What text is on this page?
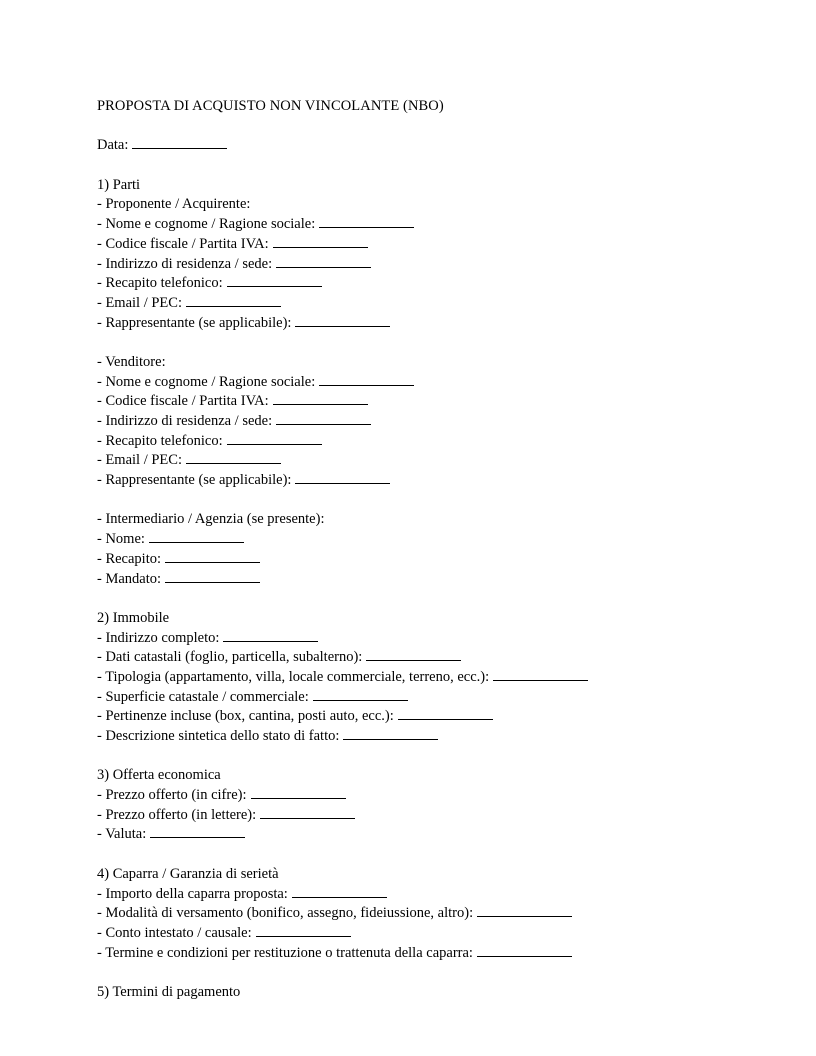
PROPOSTA DI ACQUISTO NON VINCOLANTE (NBO)

Data:

1) Parti
- Proponente / Acquirente:
- Nome e cognome / Ragione sociale:
- Codice fiscale / Partita IVA:
- Indirizzo di residenza / sede:
- Recapito telefonico:
- Email / PEC:
- Rappresentante (se applicabile):

- Venditore:
- Nome e cognome / Ragione sociale:
- Codice fiscale / Partita IVA:
- Indirizzo di residenza / sede:
- Recapito telefonico:
- Email / PEC:
- Rappresentante (se applicabile):

- Intermediario / Agenzia (se presente):
- Nome:
- Recapito:
- Mandato:

2) Immobile
- Indirizzo completo:
- Dati catastali (foglio, particella, subalterno):
- Tipologia (appartamento, villa, locale commerciale, terreno, ecc.):
- Superficie catastale / commerciale:
- Pertinenze incluse (box, cantina, posti auto, ecc.):
- Descrizione sintetica dello stato di fatto:

3) Offerta economica
- Prezzo offerto (in cifre):
- Prezzo offerto (in lettere):
- Valuta:

4) Caparra / Garanzia di serietà
- Importo della caparra proposta:
- Modalità di versamento (bonifico, assegno, fideiussione, altro):
- Conto intestato / causale:
- Termine e condizioni per restituzione o trattenuta della caparra:

5) Termini di pagamento
